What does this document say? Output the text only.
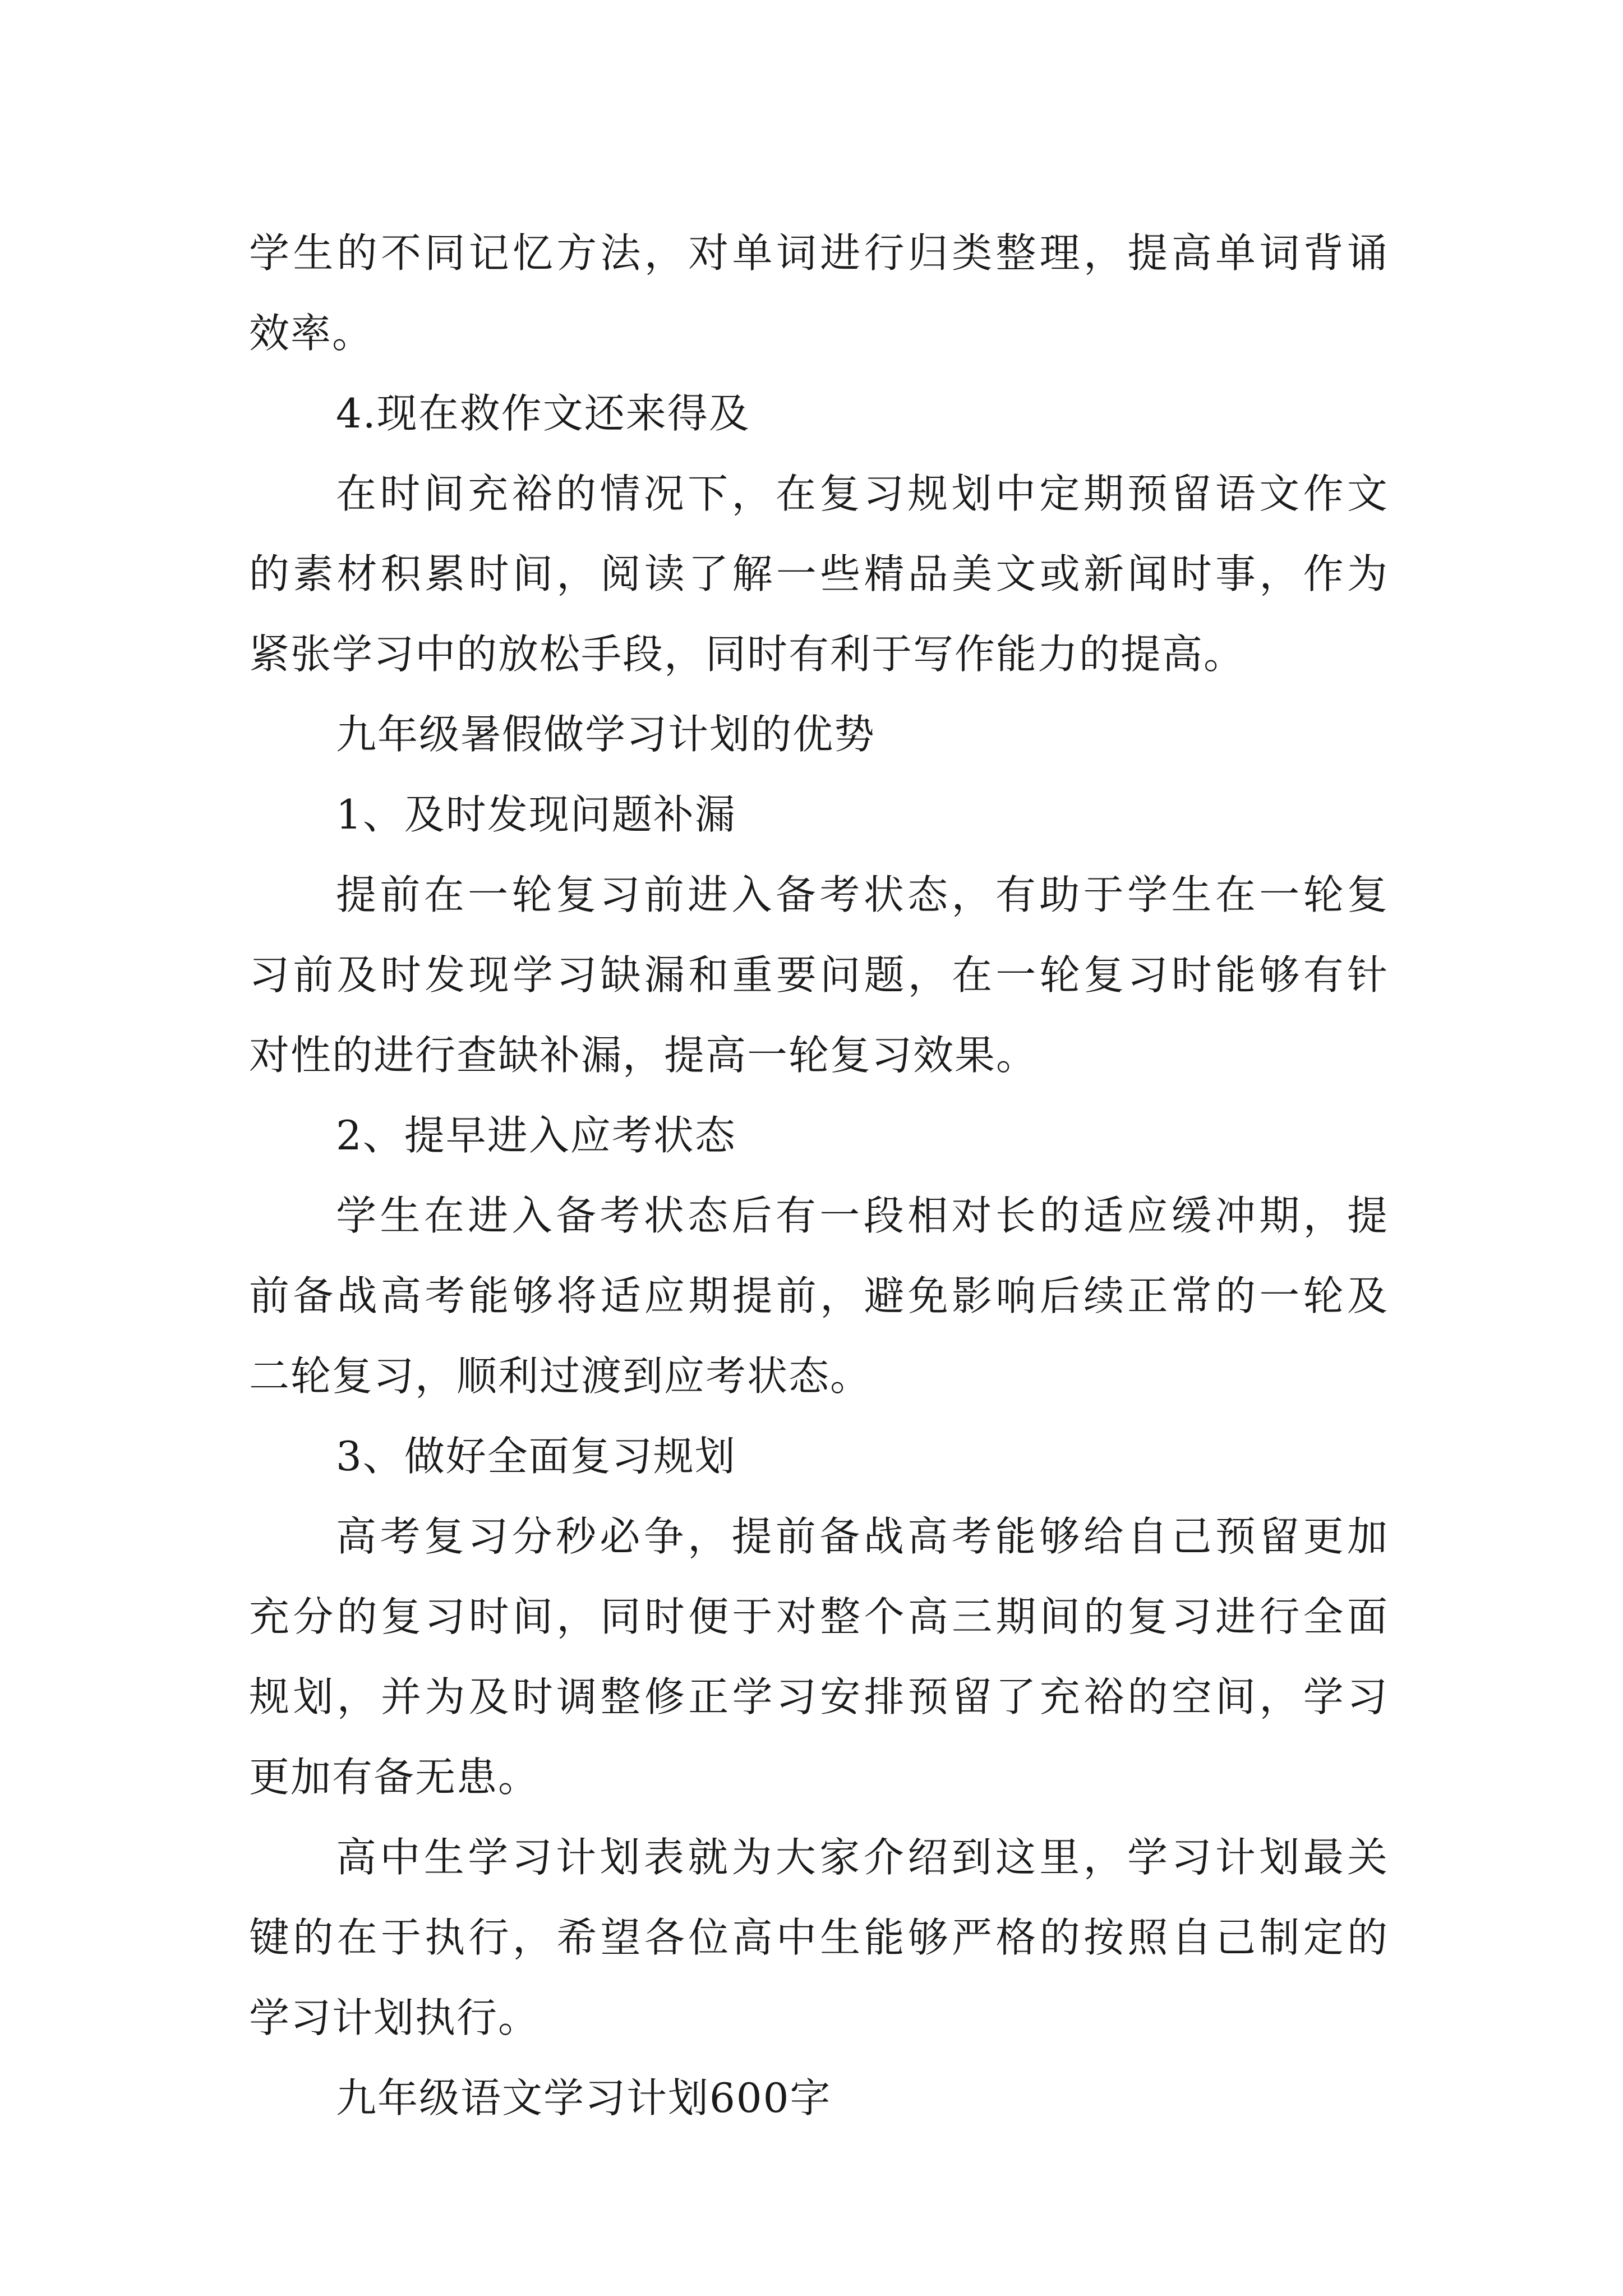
学生的不同记忆方法，对单词进行归类整理，提高单词背诵
效率。
4.现在救作文还来得及
在时间充裕的情况下，在复习规划中定期预留语文作文
的素材积累时间，阅读了解一些精品美文或新闻时事，作为
紧张学习中的放松手段，同时有利于写作能力的提高。
九年级暑假做学习计划的优势
1、及时发现问题补漏
提前在一轮复习前进入备考状态，有助于学生在一轮复
习前及时发现学习缺漏和重要问题，在一轮复习时能够有针
对性的进行查缺补漏，提高一轮复习效果。
2、提早进入应考状态
学生在进入备考状态后有一段相对长的适应缓冲期，提
前备战高考能够将适应期提前，避免影响后续正常的一轮及
二轮复习，顺利过渡到应考状态。
3、做好全面复习规划
高考复习分秒必争，提前备战高考能够给自己预留更加
充分的复习时间，同时便于对整个高三期间的复习进行全面
规划，并为及时调整修正学习安排预留了充裕的空间，学习
更加有备无患。
高中生学习计划表就为大家介绍到这里，学习计划最关
键的在于执行，希望各位高中生能够严格的按照自己制定的
学习计划执行。
九年级语文学习计划600字
